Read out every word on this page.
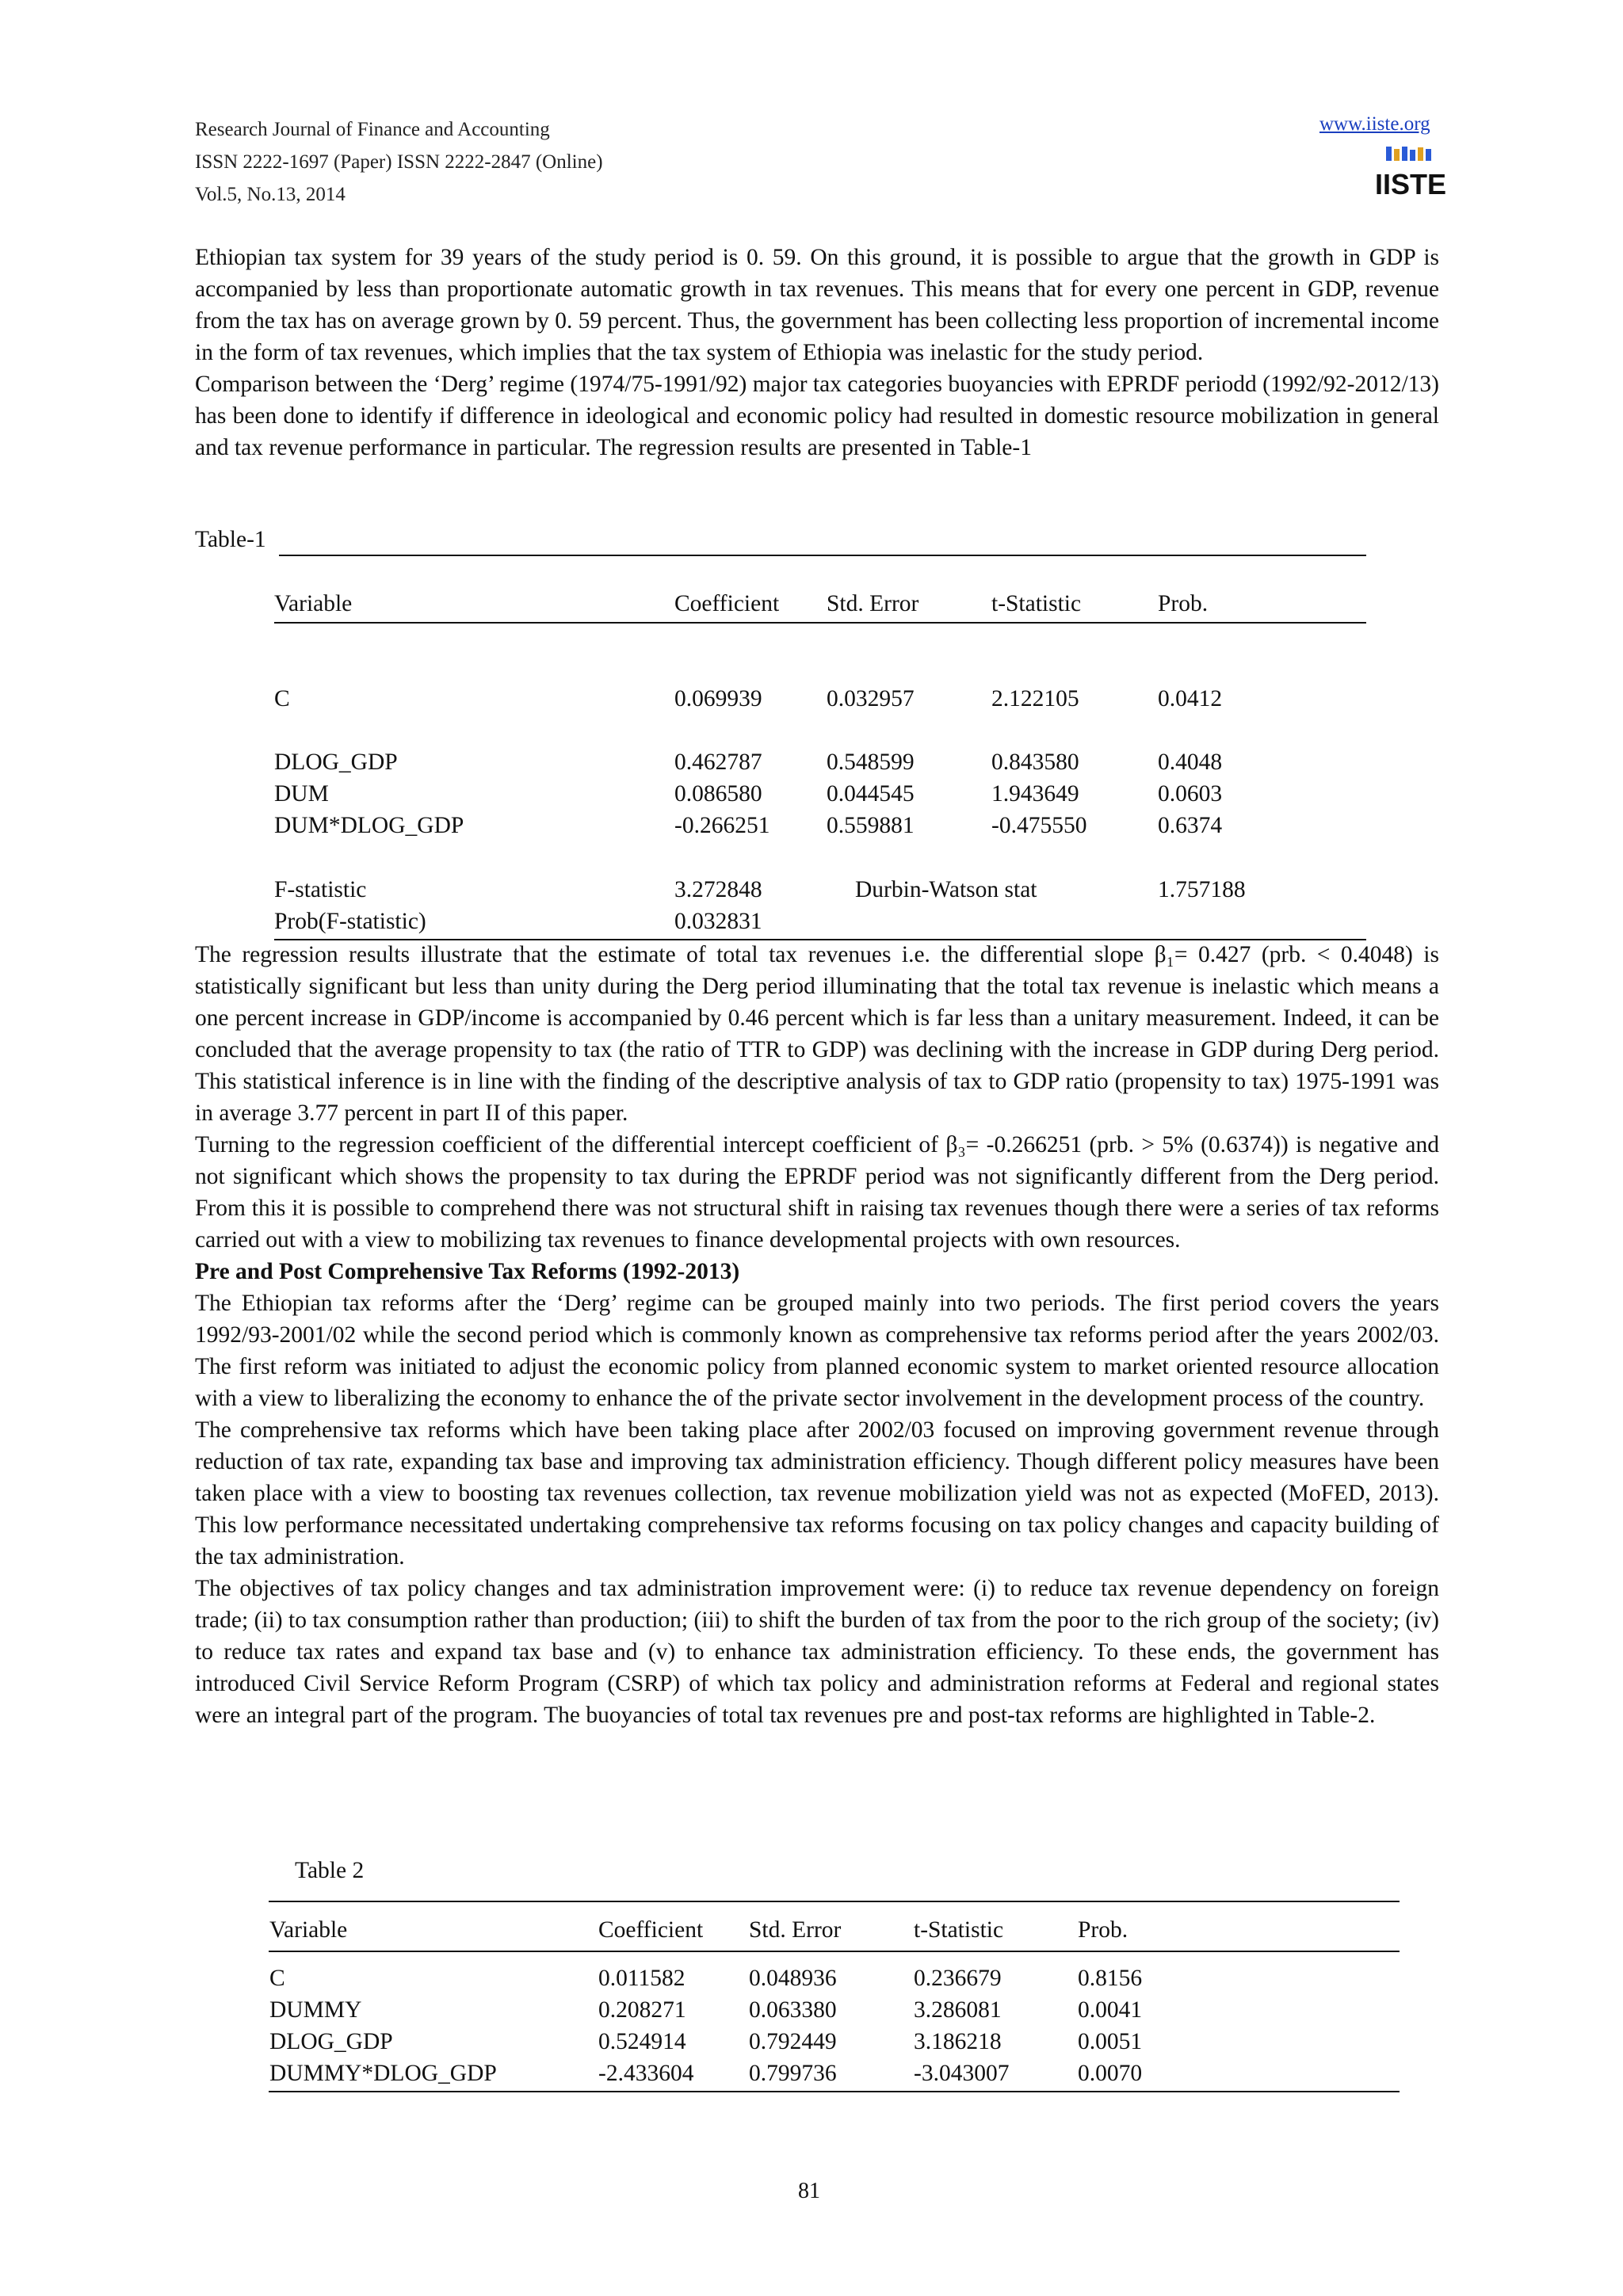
Research Journal of Finance and Accounting
ISSN 2222-1697 (Paper) ISSN 2222-2847 (Online)
Vol.5, No.13, 2014
www.iiste.org
IISTE

Ethiopian tax system for 39 years of the study period is 0. 59. On this ground, it is possible to argue that the growth in GDP is accompanied by less than proportionate automatic growth in tax revenues. This means that for every one percent in GDP, revenue from the tax has on average grown by 0. 59 percent. Thus, the government has been collecting less proportion of incremental income in the form of tax revenues, which implies that the tax system of Ethiopia was inelastic for the study period.

Comparison between the ‘Derg’ regime (1974/75-1991/92) major tax categories buoyancies with EPRDF periodd (1992/92-2012/13) has been done to identify if difference in ideological and economic policy had resulted in domestic resource mobilization in general and tax revenue performance in particular. The regression results are presented in Table-1

Table-1
Variable	Coefficient Std. Error	t-Statistic	Prob.
C	0.069939	0.032957	2.122105	0.0412
DLOG_GDP	0.462787	0.548599	0.843580	0.4048
DUM	0.086580	0.044545	1.943649	0.0603
DUM*DLOG_GDP	-0.266251 0.559881	-0.475550	0.6374
F-statistic	3.272848	Durbin-Watson stat	1.757188
Prob(F-statistic)	0.032831

The regression results illustrate that the estimate of total tax revenues i.e. the differential slope β₁= 0.427 (prb. < 0.4048) is statistically significant but less than unity during the Derg period illuminating that the total tax revenue is inelastic which means a one percent increase in GDP/income is accompanied by 0.46 percent which is far less than a unitary measurement. Indeed, it can be concluded that the average propensity to tax (the ratio of TTR to GDP) was declining with the increase in GDP during Derg period. This statistical inference is in line with the finding of the descriptive analysis of tax to GDP ratio (propensity to tax) 1975-1991 was in average 3.77 percent in part II of this paper.

Turning to the regression coefficient of the differential intercept coefficient of β₃= -0.266251 (prb. > 5% (0.6374)) is negative and not significant which shows the propensity to tax during the EPRDF period was not significantly different from the Derg period. From this it is possible to comprehend there was not structural shift in raising tax revenues though there were a series of tax reforms carried out with a view to mobilizing tax revenues to finance developmental projects with own resources.

Pre and Post Comprehensive Tax Reforms (1992-2013)

The Ethiopian tax reforms after the ‘Derg’ regime can be grouped mainly into two periods. The first period covers the years 1992/93-2001/02 while the second period which is commonly known as comprehensive tax reforms period after the years 2002/03. The first reform was initiated to adjust the economic policy from planned economic system to market oriented resource allocation with a view to liberalizing the economy to enhance the of the private sector involvement in the development process of the country.

The comprehensive tax reforms which have been taking place after 2002/03 focused on improving government revenue through reduction of tax rate, expanding tax base and improving tax administration efficiency. Though different policy measures have been taken place with a view to boosting tax revenues collection, tax revenue mobilization yield was not as expected (MoFED, 2013). This low performance necessitated undertaking comprehensive tax reforms focusing on tax policy changes and capacity building of the tax administration.

The objectives of tax policy changes and tax administration improvement were: (i) to reduce tax revenue dependency on foreign trade; (ii) to tax consumption rather than production; (iii) to shift the burden of tax from the poor to the rich group of the society; (iv) to reduce tax rates and expand tax base and (v) to enhance tax administration efficiency. To these ends, the government has introduced Civil Service Reform Program (CSRP) of which tax policy and administration reforms at Federal and regional states were an integral part of the program. The buoyancies of total tax revenues pre and post-tax reforms are highlighted in Table-2.

Table 2
Variable	Coefficient Std. Error	t-Statistic	Prob.
C	0.011582	0.048936	0.236679	0.8156
DUMMY	0.208271	0.063380	3.286081	0.0041
DLOG_GDP	0.524914	0.792449	3.186218	0.0051
DUMMY*DLOG_GDP	-2.433604 0.799736	-3.043007	0.0070
81
